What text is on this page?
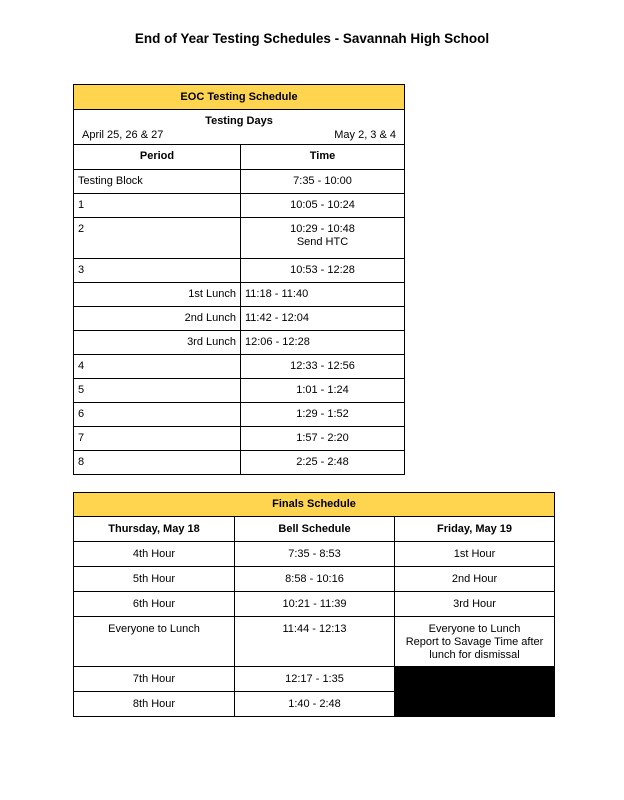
End of Year Testing Schedules - Savannah High School
EOC Testing Schedule	

Testing Days
April 25, 26 & 27 May 2, 3 & 4	

Period	Time
Testing Block	7:35 - 10:00
1	10:05 - 10:24
2	10:29 - 10:48
Send HTC

3	10:53 - 12:28
1st Lunch	11:18 - 11:40
2nd Lunch	11:42 - 12:04
3rd Lunch	12:06 - 12:28
4	12:33 - 12:56
5	1:01 - 1:24
6	1:29 - 1:52
7	1:57 - 2:20
8	2:25 - 2:48
Finals Schedule		
Thursday, May 18	Bell Schedule	Friday, May 19
4th Hour	7:35 - 8:53	1st Hour
5th Hour	8:58 - 10:16	2nd Hour
6th Hour	10:21 - 11:39	3rd Hour
Everyone to Lunch	11:44 - 12:13	Everyone to Lunch
Report to Savage Time after lunch for dismissal

7th Hour	12:17 - 1:35	
8th Hour	1:40 - 2:48	
